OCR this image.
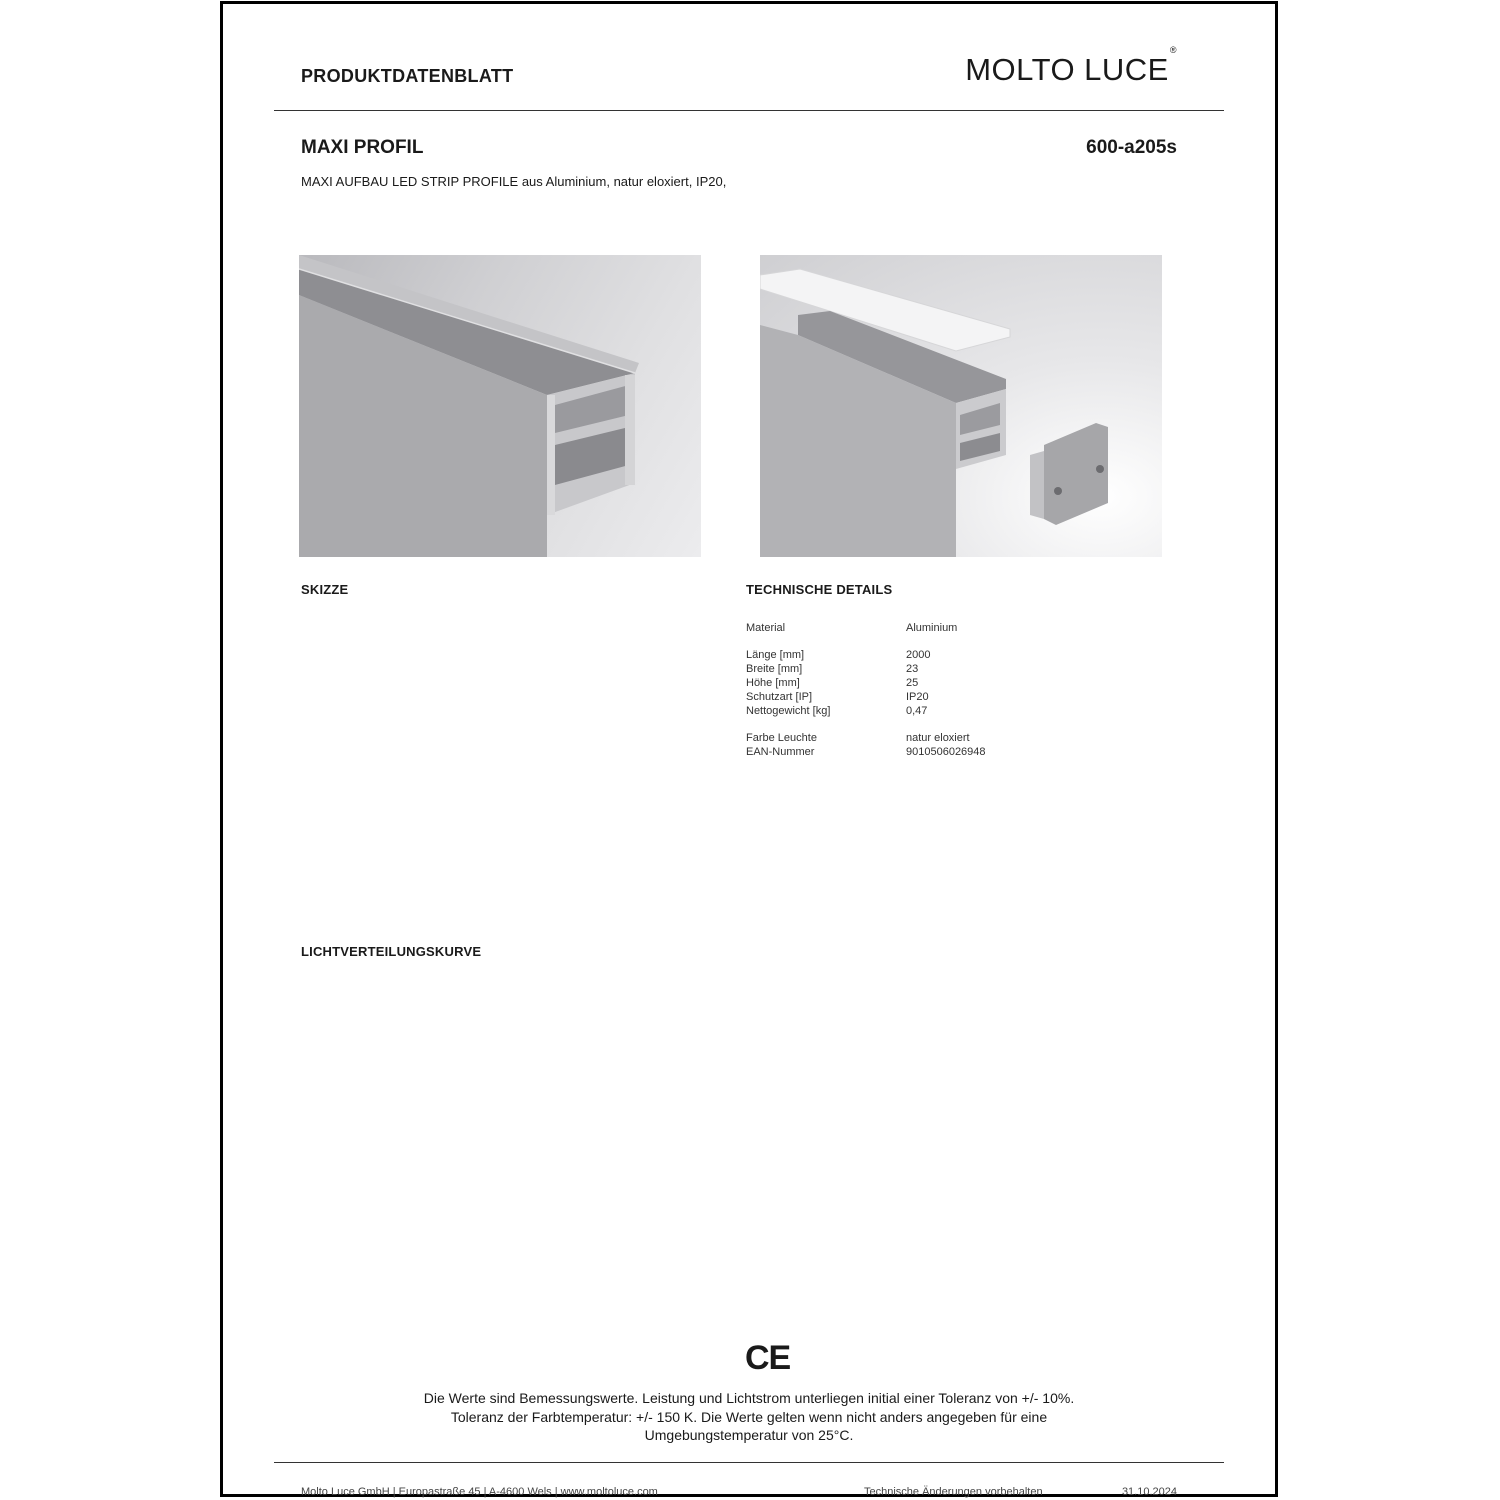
PRODUKTDATENBLATT	MOLTO LUCE®
MAXI PROFIL	600-a205s
MAXI AUFBAU LED STRIP PROFILE aus Aluminium, natur eloxiert, IP20,
SKIZZE	TECHNISCHE DETAILS
Material	Aluminium
Länge [mm]	2000
Breite [mm]	23
Höhe [mm]	25
Schutzart [IP]	IP20
Nettogewicht [kg]	0,47
Farbe Leuchte	natur eloxiert
EAN-Nummer	9010506026948
LICHTVERTEILUNGSKURVE
CE
Die Werte sind Bemessungswerte. Leistung und Lichtstrom unterliegen initial einer Toleranz von +/- 10%.
Toleranz der Farbtemperatur: +/- 150 K. Die Werte gelten wenn nicht anders angegeben für eine
Umgebungstemperatur von 25°C.
Molto Luce GmbH | Europastraße 45 | A-4600 Wels | www.moltoluce.com	Technische Änderungen vorbehalten	31.10.2024
